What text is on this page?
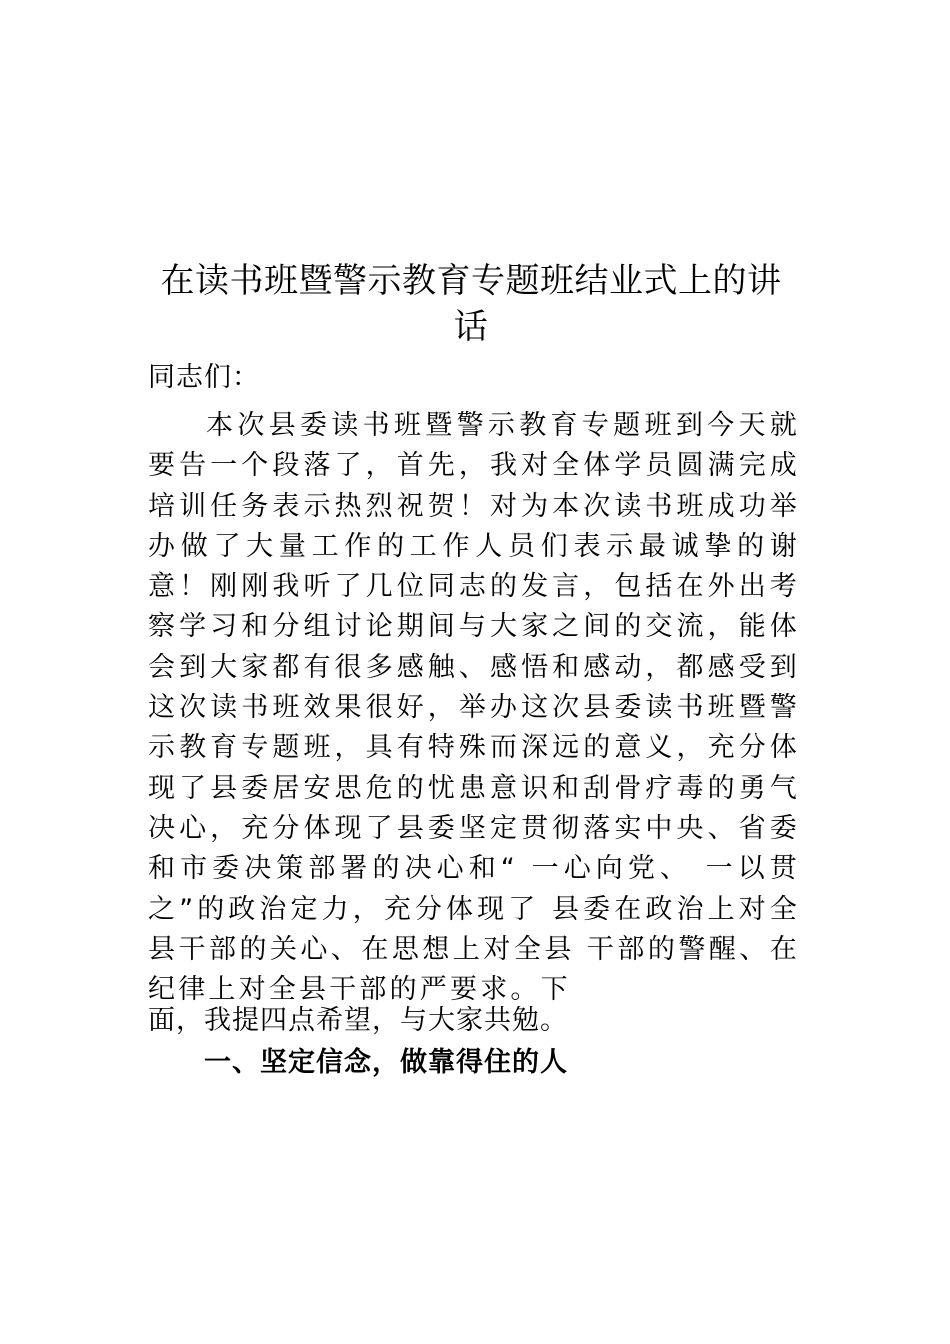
在读书班暨警示教育专题班结业式上的讲话
同志们：
本次县委读书班暨警示教育专题班到今天就要告一个段落了，首先，我对全体学员圆满完成培训任务表示热烈祝贺！对为本次读书班成功举办做了大量工作的工作人员们表示最诚挚的谢意！刚刚我听了几位同志的发言，包括在外出考察学习和分组讨论期间与大家之间的交流，能体会到大家都有很多感触、感悟和感动，都感受到这次读书班效果很好，举办这次县委读书班暨警示教育专题班，具有特殊而深远的意义，充分体现了县委居安思危的忧患意识和刮骨疗毒的勇气决心，充分体现了县委坚定贯彻落实中央、省委和市委决策部署的决心和“ 一心向党、 一以贯之”的政治定力，充分体现了 县委在政治上对全县干部的关心、在思想上对全县 干部的警醒、在纪律上对全县干部的严要求。下
面，我提四点希望，与大家共勉。
一、坚定信念，做靠得住的人
